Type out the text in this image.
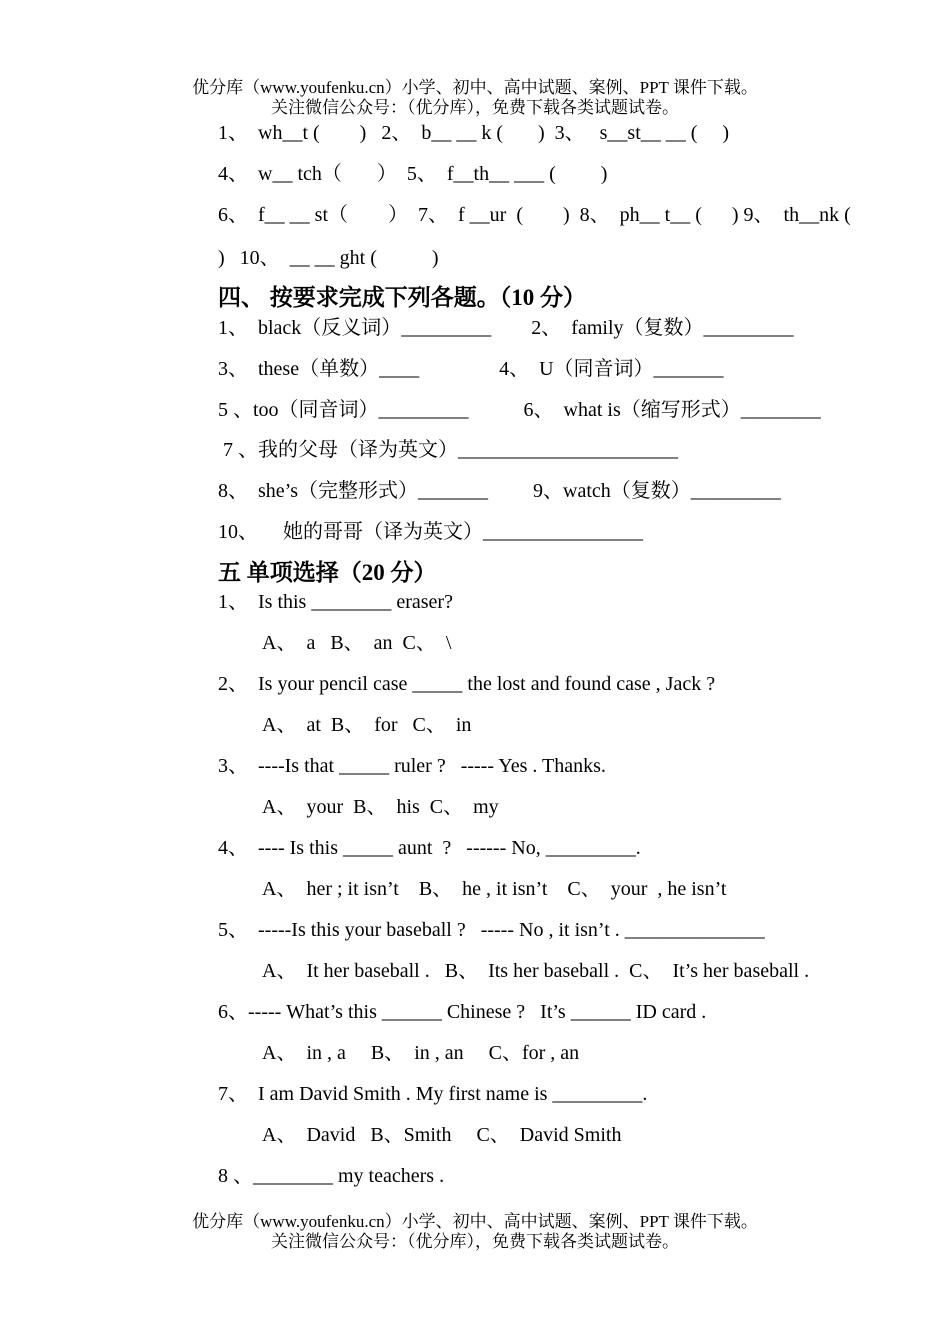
优分库（www.youfenku.cn）小学、初中、高中试题、案例、PPT 课件下载。
关注微信公众号：（优分库），免费下载各类试题试卷。
1、  wh__t (        )   2、  b__ __ k (       )  3、   s__st__ __ (     )
4、  w__ tch（       ）  5、  f__th__ ___ (         )
6、  f__ __ st（        ）  7、  f __ur  (        )  8、  ph__ t__ (      ) 9、  th__nk (
)   10、  __ __ ght (           )
四、 按要求完成下列各题。（10 分）
1、  black（反义词）_________        2、  family（复数）_________
3、  these（单数）____                4、  U（同音词）_______
5 、too（同音词）_________           6、  what is（缩写形式）________
7 、我的父母（译为英文）______________________
8、  she’s（完整形式）_______         9、watch（复数）_________
10、     她的哥哥（译为英文）________________
五 单项选择（20 分）
1、  Is this ________ eraser?
A、  a   B、  an  C、  \
2、  Is your pencil case _____ the lost and found case , Jack ?
A、  at  B、  for   C、  in
3、  ----Is that _____ ruler ?   ----- Yes . Thanks.
A、  your  B、  his  C、  my
4、  ---- Is this _____ aunt  ?   ------ No, _________.
A、  her ; it isn’t    B、  he , it isn’t    C、  your  , he isn’t
5、  -----Is this your baseball ?   ----- No , it isn’t . ______________
A、  It her baseball .   B、  Its her baseball .  C、  It’s her baseball .
6、----- What’s this ______ Chinese ?   It’s ______ ID card .
A、  in , a     B、  in , an     C、for , an
7、  I am David Smith . My first name is _________.
A、  David   B、Smith     C、  David Smith
8 、________ my teachers .
优分库（www.youfenku.cn）小学、初中、高中试题、案例、PPT 课件下载。
关注微信公众号：（优分库），免费下载各类试题试卷。
